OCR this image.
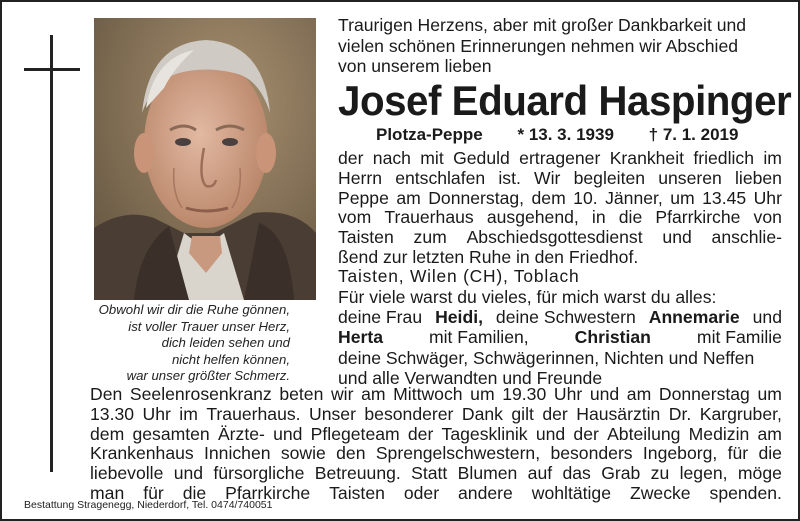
Obwohl wir dir die Ruhe gönnen,
ist voller Trauer unser Herz,
dich leiden sehen und
nicht helfen können,
war unser größter Schmerz.
Traurigen Herzens, aber mit großer Dankbarkeit und
vielen schönen Erinnerungen nehmen wir Abschied
von unserem lieben
Josef Eduard Haspinger
Plotza-Peppe * 13. 3. 1939 † 7. 1. 2019
der nach mit Geduld ertragener Krankheit friedlich im
Herrn entschlafen ist. Wir begleiten unseren lieben
Peppe am Donnerstag, dem 10. Jänner, um 13.45 Uhr
vom Trauerhaus ausgehend, in die Pfarrkirche von
Taisten zum Abschiedsgottesdienst und anschlie-
ßend zur letzten Ruhe in den Friedhof.
Taisten, Wilen (CH), Toblach
Für viele warst du vieles, für mich warst du alles:
deine Frau Heidi, deine Schwestern Annemarie und
Herta mit Familien, Christian mit Familie
deine Schwäger, Schwägerinnen, Nichten und Neffen
und alle Verwandten und Freunde
Den Seelenrosenkranz beten wir am Mittwoch um 19.30 Uhr und am Donnerstag um
13.30 Uhr im Trauerhaus. Unser besonderer Dank gilt der Hausärztin Dr. Kargruber,
dem gesamten Ärzte- und Pflegeteam der Tagesklinik und der Abteilung Medizin am
Krankenhaus Innichen sowie den Sprengelschwestern, besonders Ingeborg, für die
liebevolle und fürsorgliche Betreuung. Statt Blumen auf das Grab zu legen, möge
man für die Pfarrkirche Taisten oder andere wohltätige Zwecke spenden.
Bestattung Stragenegg, Niederdorf, Tel. 0474/740051
